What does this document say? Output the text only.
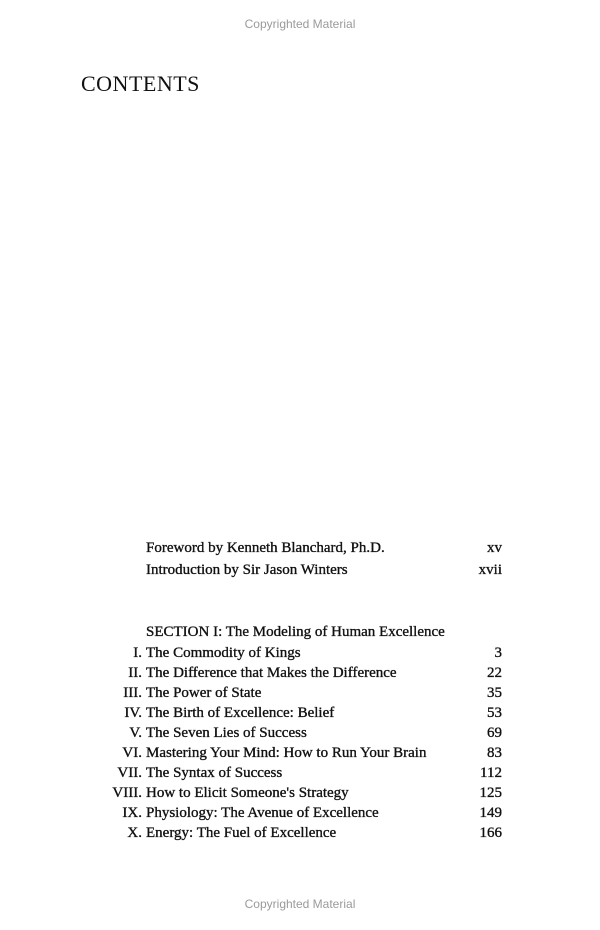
Copyrighted Material
CONTENTS
Foreword by Kenneth Blanchard, Ph.D.	xv
Introduction by Sir Jason Winters	xvii
SECTION I: The Modeling of Human Excellence
I. The Commodity of Kings	3
II. The Difference that Makes the Difference	22
III. The Power of State	35
IV. The Birth of Excellence: Belief	53
V. The Seven Lies of Success	69
VI. Mastering Your Mind: How to Run Your Brain	83
VII. The Syntax of Success	112
VIII. How to Elicit Someone's Strategy	125
IX. Physiology: The Avenue of Excellence	149
X. Energy: The Fuel of Excellence	166
Copyrighted Material
